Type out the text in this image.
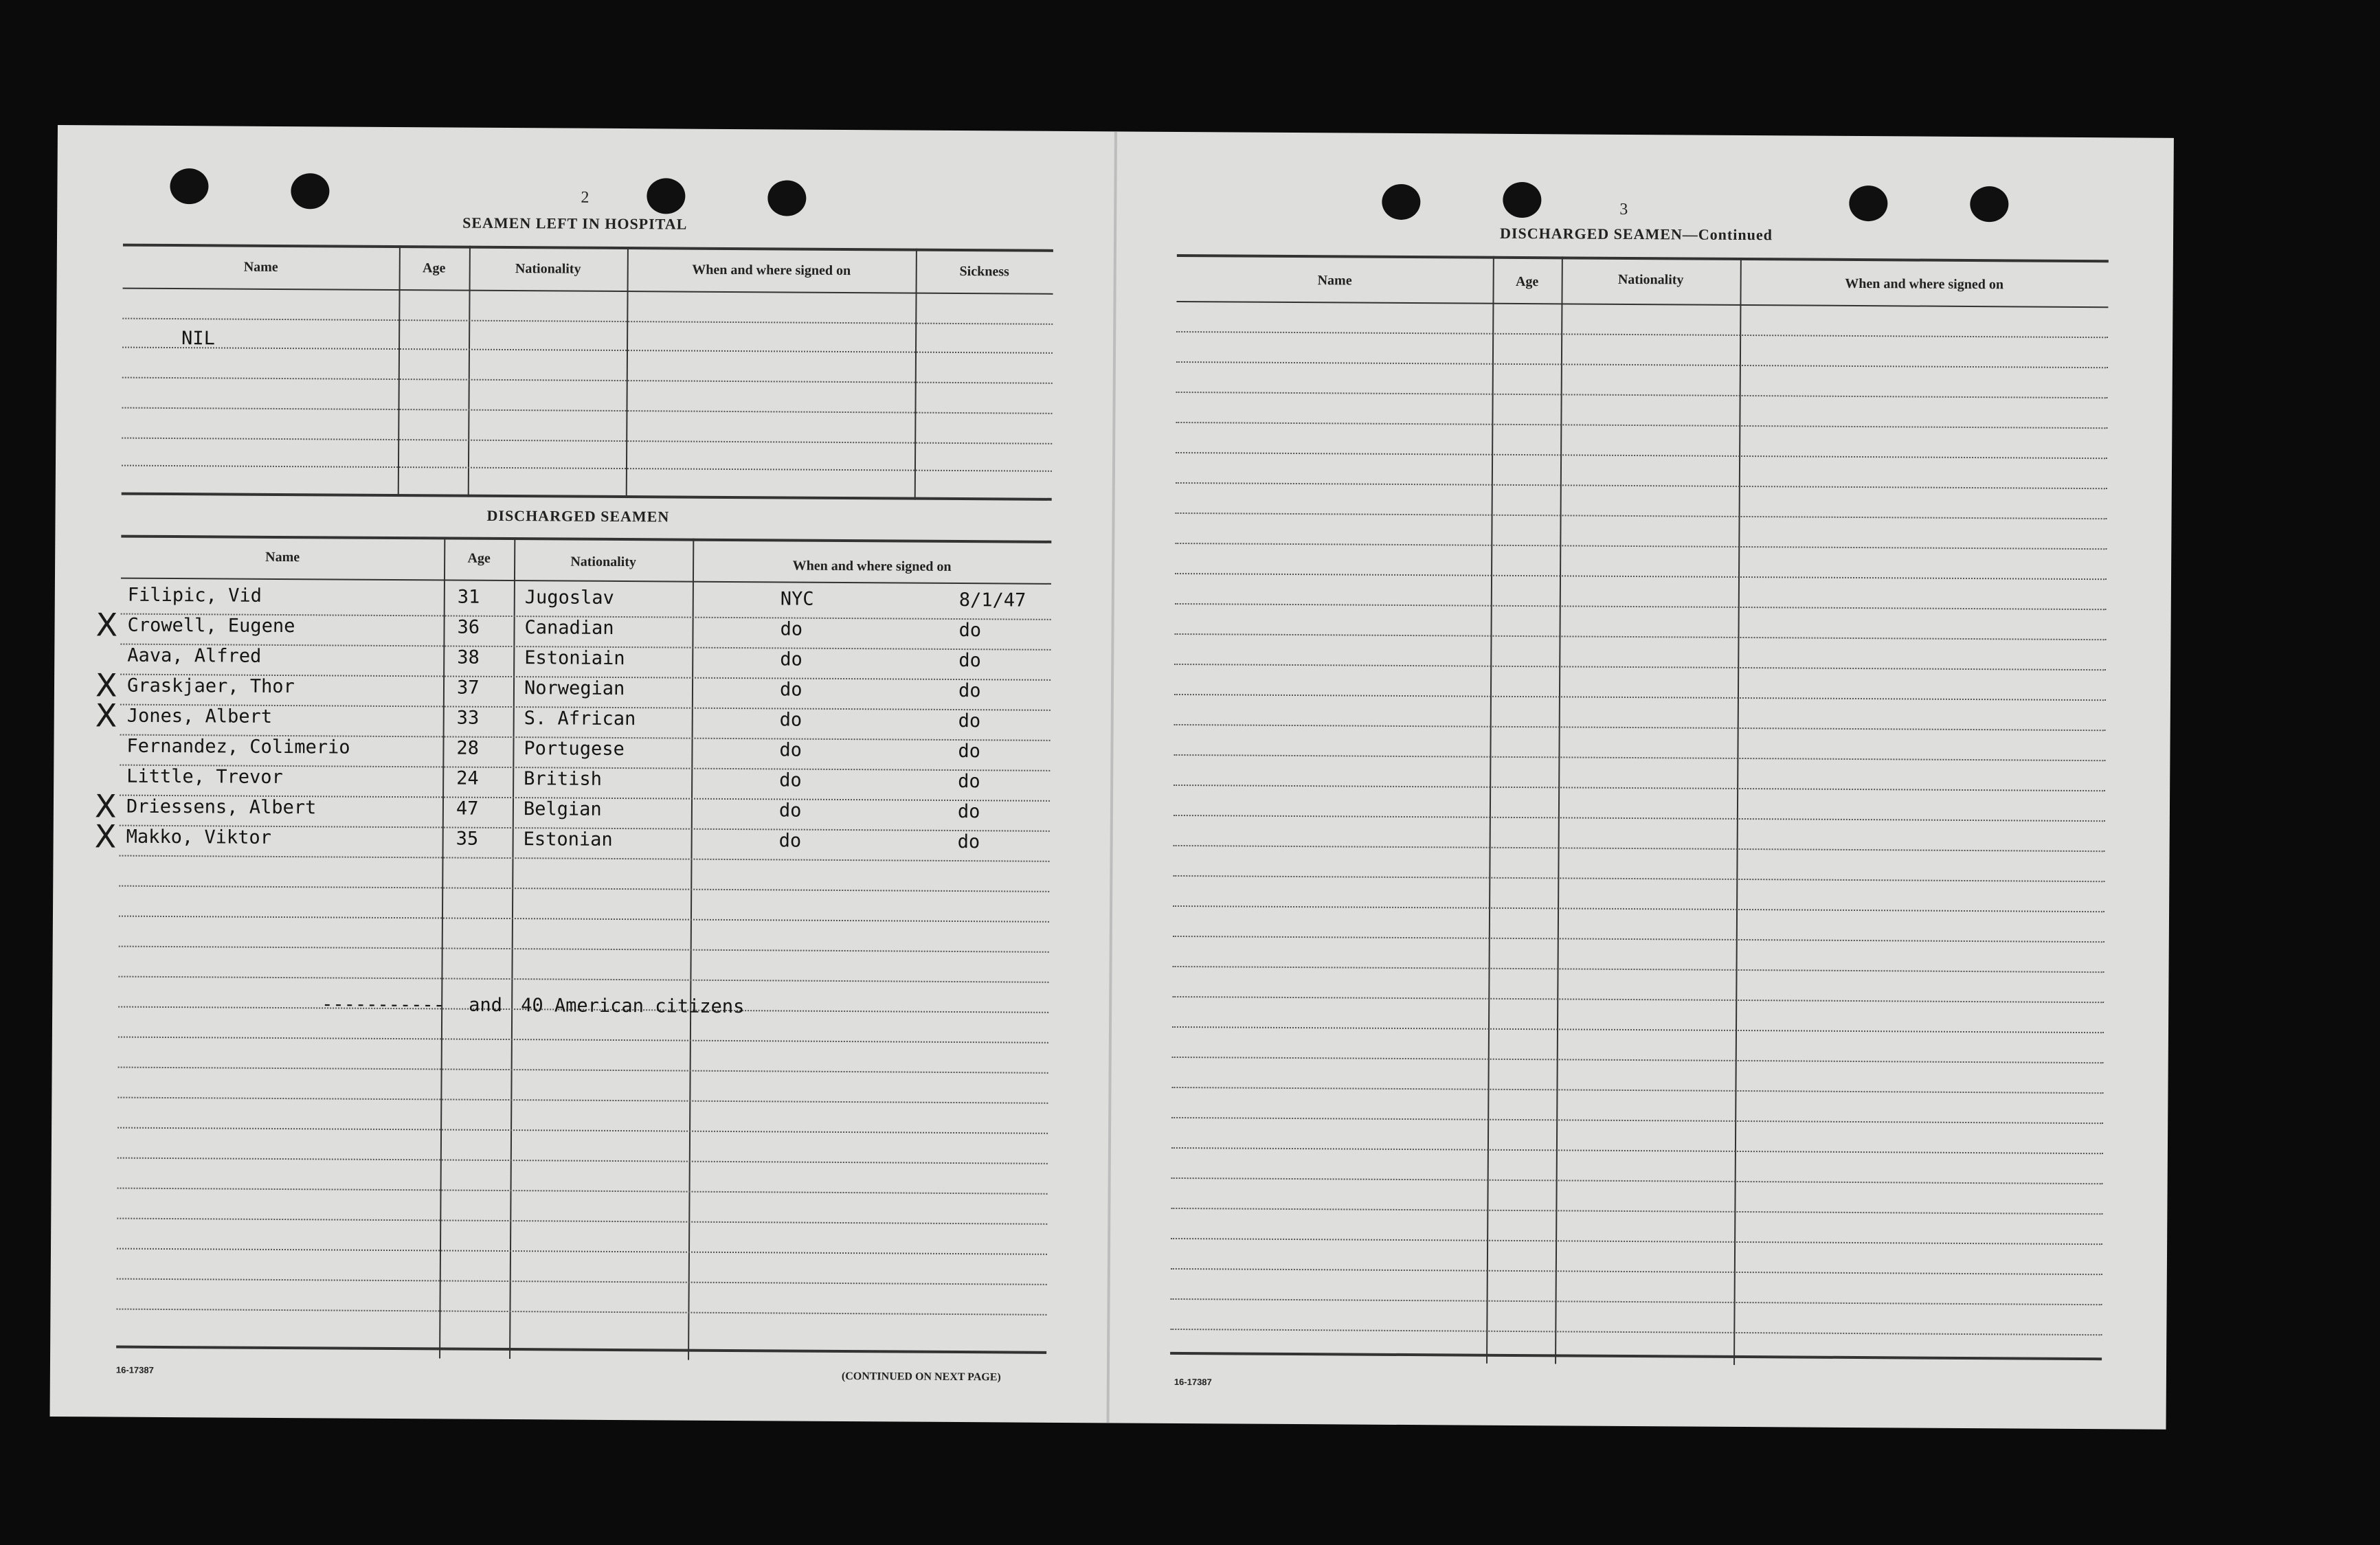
2
SEAMEN LEFT IN HOSPITAL
Name	Age	Nationality	When and where signed on	Sickness
NIL
DISCHARGED SEAMEN
Name	Age	Nationality	When and where signed on
Filipic, Vid	31 Jugoslav	NYC	8/1/47
Crowell, Eugene	36 Canadian	do	do
X
Aava, Alfred	38 Estoniain	do	do
Graskjaer, Thor	37 Norwegian	do	do
X
Jones, Albert	33 S. African	do	do
X
Fernandez, Colimerio	28 Portugese	do	do
Little, Trevor	24 British	do	do
Driessens, Albert	47 Belgian	do	do
X
Makko, Viktor	35 Estonian	do	do
X
----------- and 40 American citizens
16-17387
(CONTINUED ON NEXT PAGE)
3
DISCHARGED SEAMEN—Continued
Name	Age	Nationality	When and where signed on
16-17387
